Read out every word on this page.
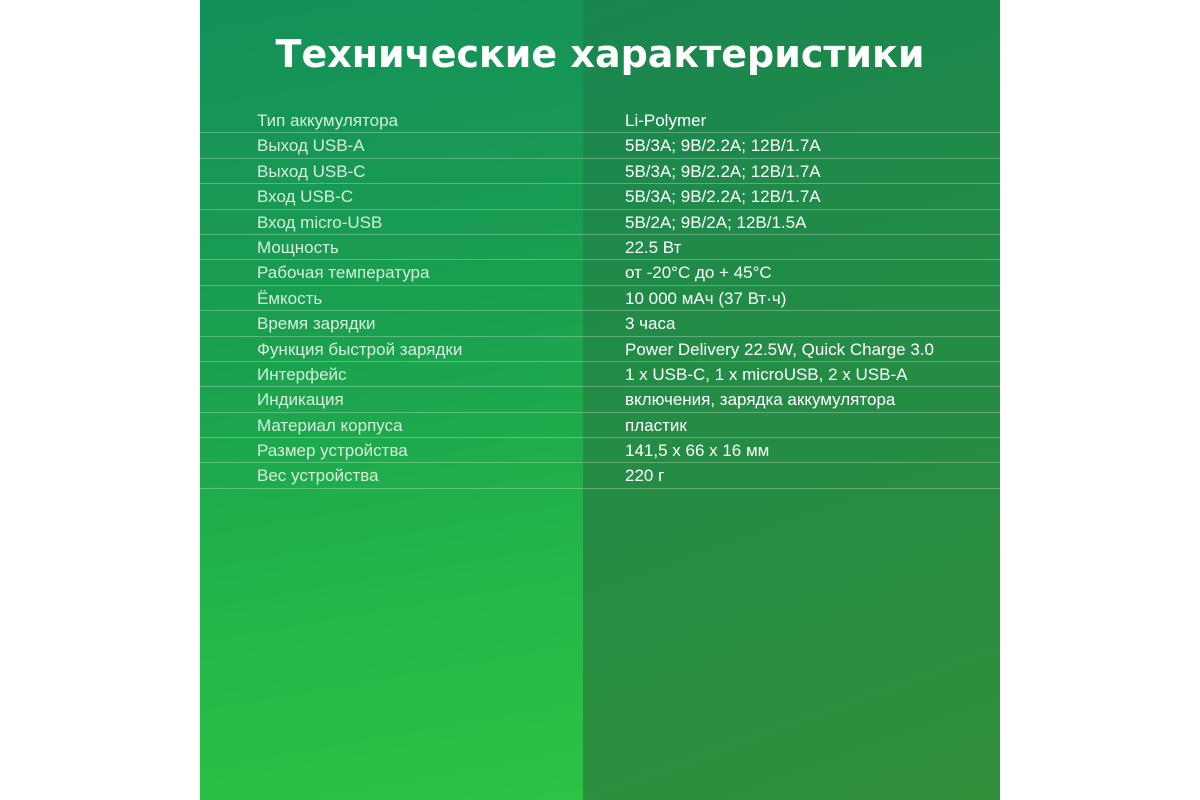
Технические характеристики
Тип аккумулятора	Li-Polymer
Выход USB-A	5В/3А; 9В/2.2А; 12В/1.7А
Выход USB-C	5В/3А; 9В/2.2А; 12В/1.7А
Вход USB-C	5В/3А; 9В/2.2А; 12В/1.7А
Вход micro-USB	5В/2А; 9В/2А; 12В/1.5А
Мощность	22.5 Вт
Рабочая температура	от -20°С до + 45°С
Ёмкость	10 000 мАч (37 Вт·ч)
Время зарядки	3 часа
Функция быстрой зарядки	Power Delivery 22.5W, Quick Charge 3.0
Интерфейс	1 x USB-C, 1 x microUSB, 2 x USB-A
Индикация	включения, зарядка аккумулятора
Материал корпуса	пластик
Размер устройства	141,5 х 66 х 16 мм
Вес устройства	220 г
